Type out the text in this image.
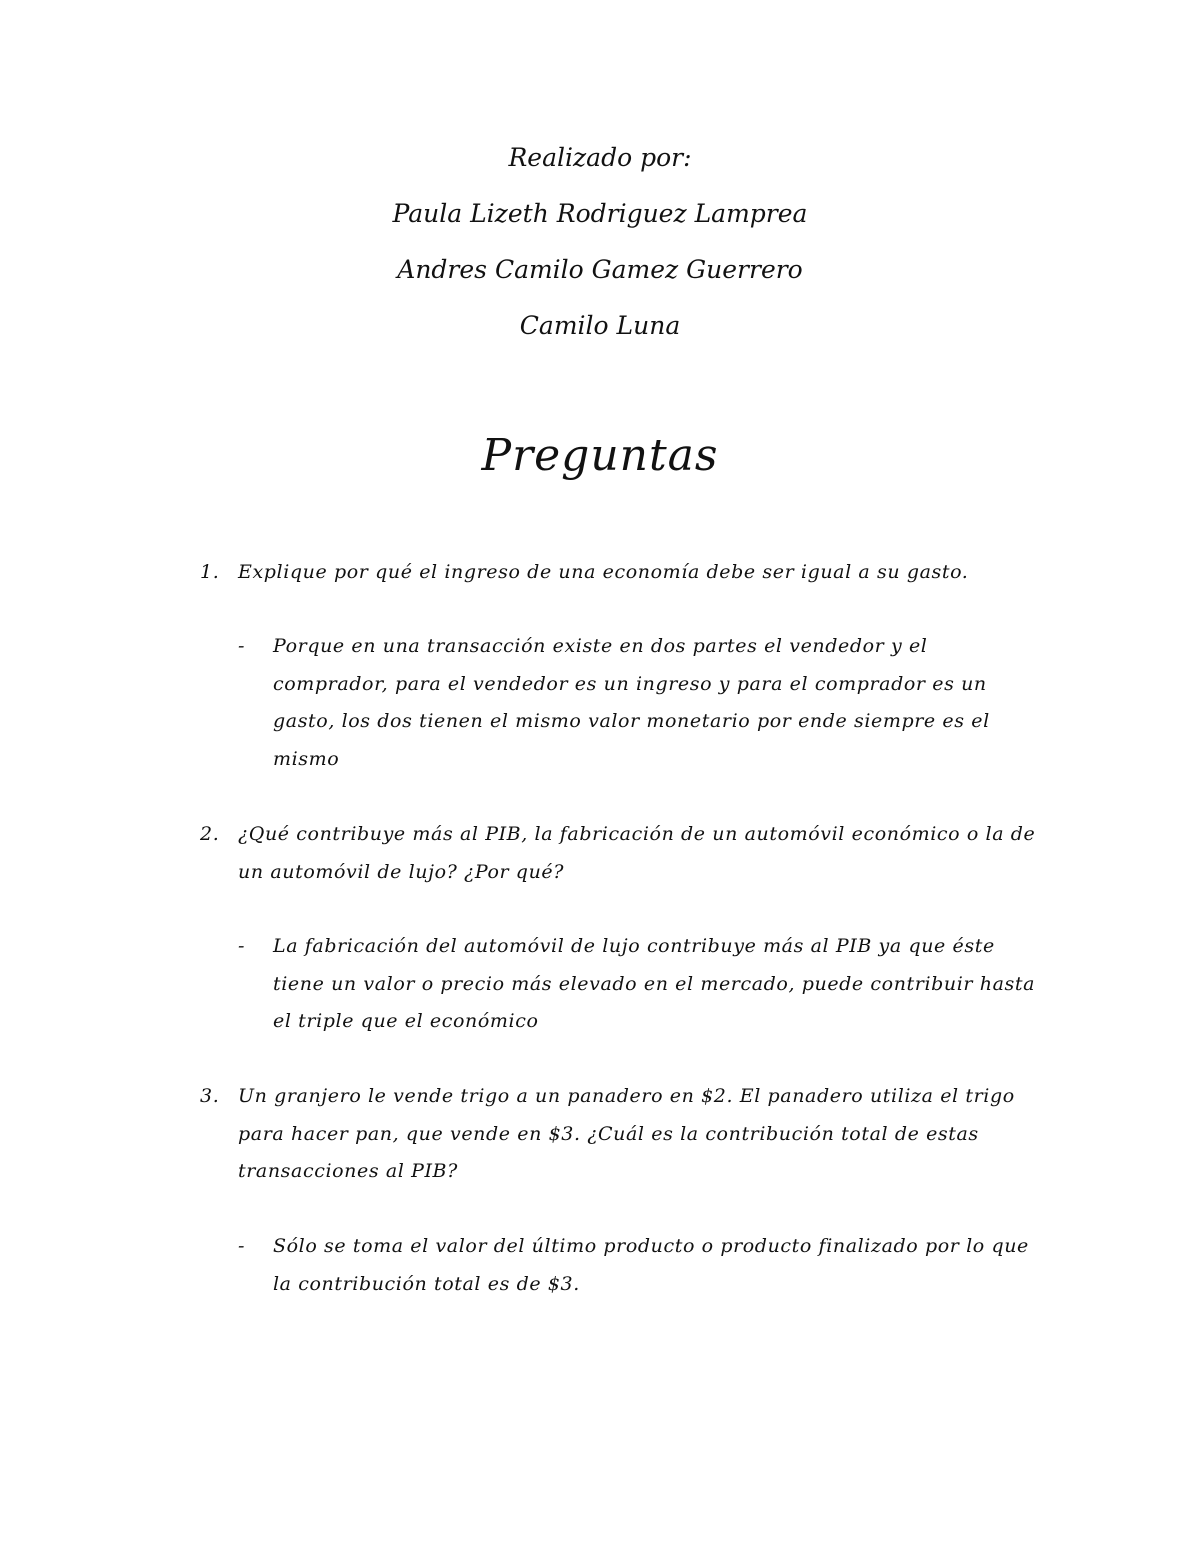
Realizado por:
Paula Lizeth Rodriguez Lamprea
Andres Camilo Gamez Guerrero
Camilo Luna
Preguntas
1. Explique por qué el ingreso de una economía debe ser igual a su gasto.
- Porque en una transacción existe en dos partes el vendedor y el comprador, para el vendedor es un ingreso y para el comprador es un gasto, los dos tienen el mismo valor monetario por ende siempre es el mismo
2. ¿Qué contribuye más al PIB, la fabricación de un automóvil económico o la de un automóvil de lujo? ¿Por qué?
- La fabricación del automóvil de lujo contribuye más al PIB ya que éste tiene un valor o precio más elevado en el mercado, puede contribuir hasta el triple que el económico
3. Un granjero le vende trigo a un panadero en $2. El panadero utiliza el trigo para hacer pan, que vende en $3. ¿Cuál es la contribución total de estas transacciones al PIB?
- Sólo se toma el valor del último producto o producto finalizado por lo que la contribución total es de $3.
